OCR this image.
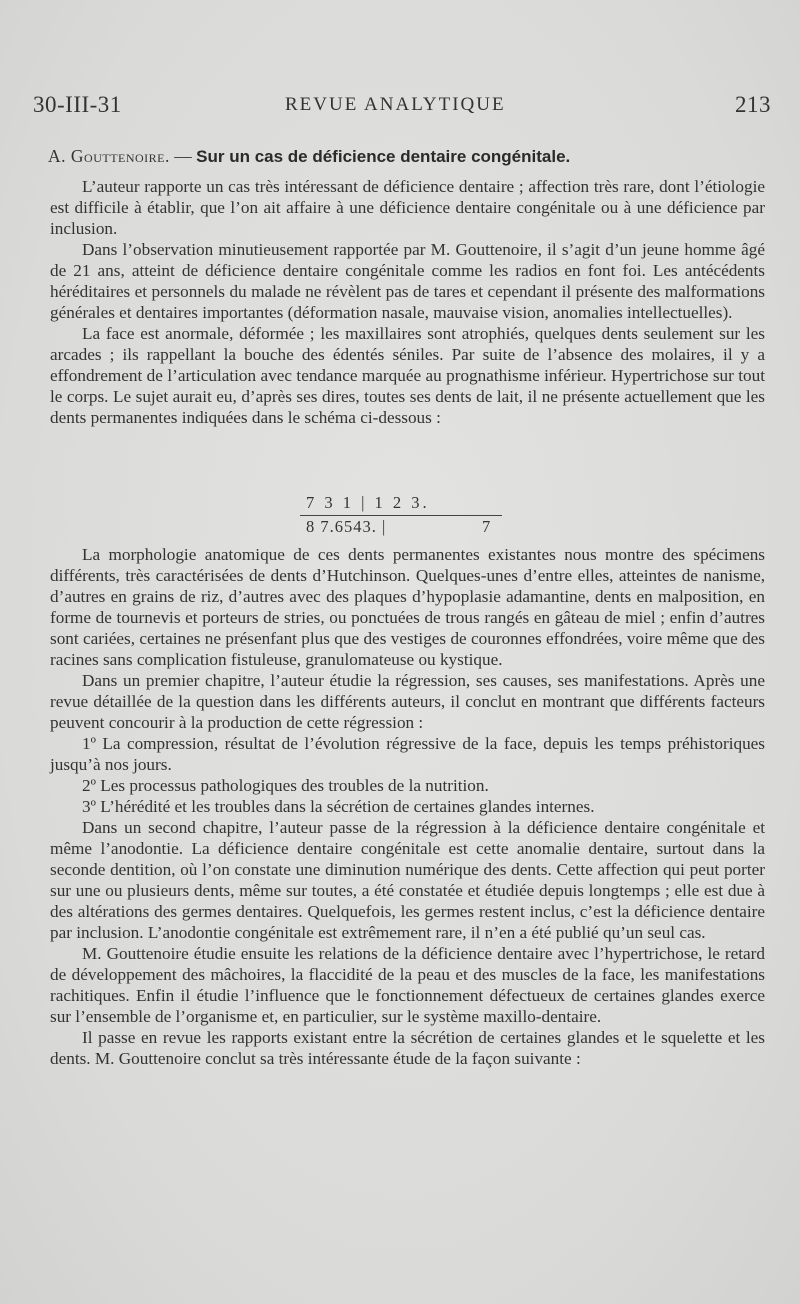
30-III-31	REVUE ANALYTIQUE	213
A. Gouttenoire. — Sur un cas de déficience dentaire congénitale.

L’auteur rapporte un cas très intéressant de déficience dentaire ; affection très rare, dont l’étiologie est difficile à établir, que l’on ait affaire à une déficience dentaire congénitale ou à une déficience par inclusion.

Dans l’observation minutieusement rapportée par M. Gouttenoire, il s’agit d’un jeune homme âgé de 21 ans, atteint de déficience dentaire congénitale comme les radios en font foi. Les antécédents héréditaires et personnels du malade ne révèlent pas de tares et cependant il présente des malformations générales et dentaires importantes (déformation nasale, mauvaise vision, anomalies intellectuelles).

La face est anormale, déformée ; les maxillaires sont atrophiés, quelques dents seulement sur les arcades ; ils rappellant la bouche des édentés séniles. Par suite de l’absence des molaires, il y a effondrement de l’articulation avec tendance marquée au prognathisme inférieur. Hypertrichose sur tout le corps. Le sujet aurait eu, d’après ses dires, toutes ses dents de lait, il ne présente actuellement que les dents permanentes indiquées dans le schéma ci-dessous :

7 3 1 | 1 2 3.
8 7.6543. |	7

La morphologie anatomique de ces dents permanentes existantes nous montre des spécimens différents, très caractérisées de dents d’Hutchinson. Quelques-unes d’entre elles, atteintes de nanisme, d’autres en grains de riz, d’autres avec des plaques d’hypoplasie adamantine, dents en malposition, en forme de tournevis et porteurs de stries, ou ponctuées de trous rangés en gâteau de miel ; enfin d’autres sont cariées, certaines ne présenfant plus que des vestiges de couronnes effondrées, voire même que des racines sans complication fistuleuse, granulomateuse ou kystique.

Dans un premier chapitre, l’auteur étudie la régression, ses causes, ses manifestations. Après une revue détaillée de la question dans les différents auteurs, il conclut en montrant que différents facteurs peuvent concourir à la production de cette régression :

1º La compression, résultat de l’évolution régressive de la face, depuis les temps préhistoriques jusqu’à nos jours.

2º Les processus pathologiques des troubles de la nutrition.

3º L’hérédité et les troubles dans la sécrétion de certaines glandes internes.

Dans un second chapitre, l’auteur passe de la régression à la déficience dentaire congénitale et même l’anodontie. La déficience dentaire congénitale est cette anomalie dentaire, surtout dans la seconde dentition, où l’on constate une diminution numérique des dents. Cette affection qui peut porter sur une ou plusieurs dents, même sur toutes, a été constatée et étudiée depuis longtemps ; elle est due à des altérations des germes dentaires. Quelquefois, les germes restent inclus, c’est la déficience dentaire par inclusion. L’anodontie congénitale est extrêmement rare, il n’en a été publié qu’un seul cas.

M. Gouttenoire étudie ensuite les relations de la déficience dentaire avec l’hypertrichose, le retard de développement des mâchoires, la flaccidité de la peau et des muscles de la face, les manifestations rachitiques. Enfin il étudie l’influence que le fonctionnement défectueux de certaines glandes exerce sur l’ensemble de l’organisme et, en particulier, sur le système maxillo-dentaire.

Il passe en revue les rapports existant entre la sécrétion de certaines glandes et le squelette et les dents. M. Gouttenoire conclut sa très intéressante étude de la façon suivante :
